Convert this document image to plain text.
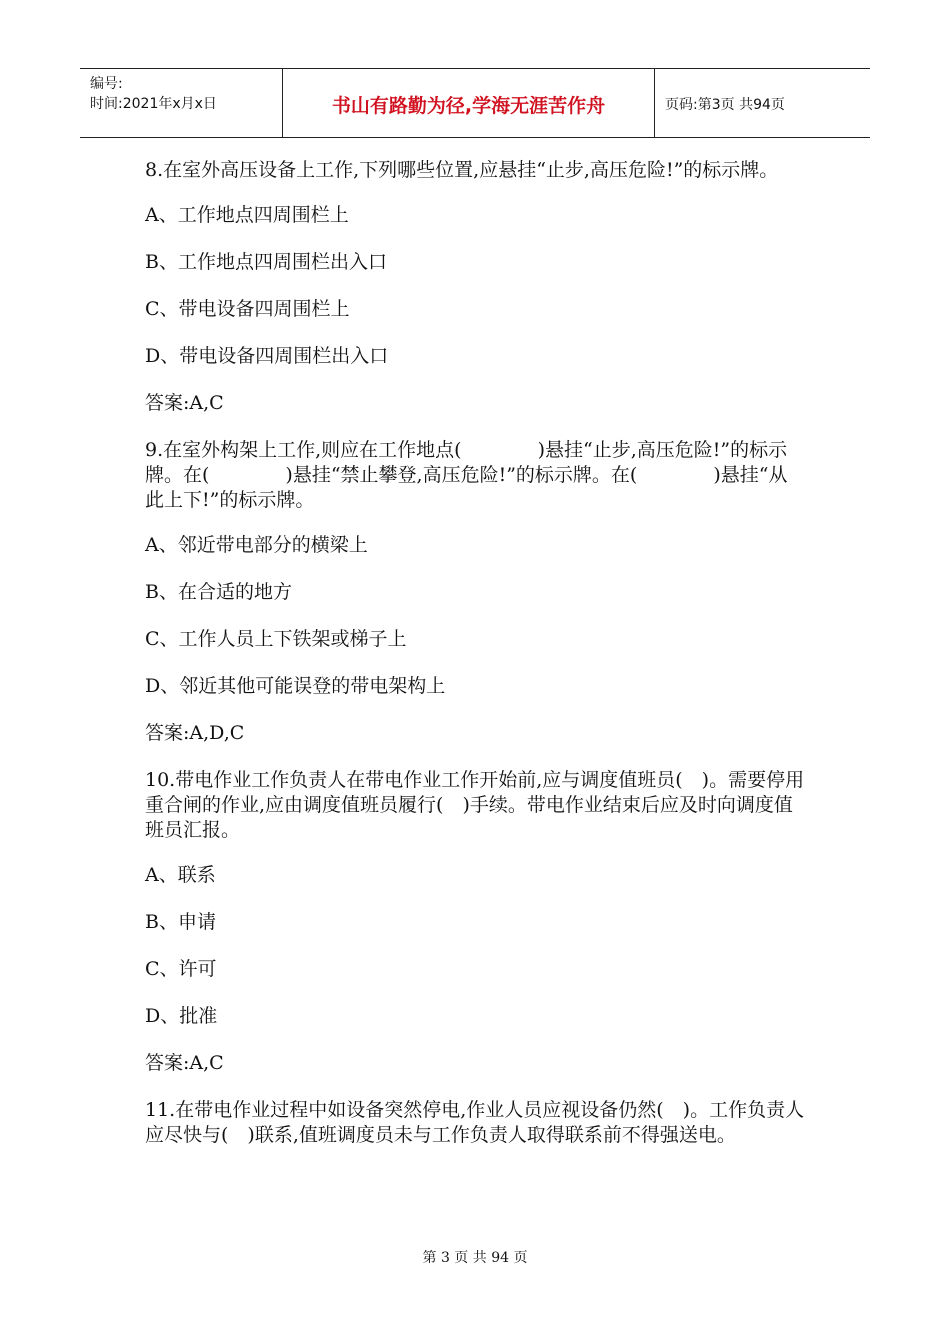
编号:
时间:2021年x月x日	书山有路勤为径,学海无涯苦作舟	页码:第3页 共94页

8.在室外高压设备上工作,下列哪些位置,应悬挂“止步,高压危险!”的标示牌。

A、工作地点四周围栏上

B、工作地点四周围栏出入口

C、带电设备四周围栏上

D、带电设备四周围栏出入口

答案:A,C

9.在室外构架上工作,则应在工作地点(　　　　)悬挂“止步,高压危险!”的标示牌。在(　　　　)悬挂“禁止攀登,高压危险!”的标示牌。在(　　　　)悬挂“从此上下!”的标示牌。

A、邻近带电部分的横梁上

B、在合适的地方

C、工作人员上下铁架或梯子上

D、邻近其他可能误登的带电架构上

答案:A,D,C

10.带电作业工作负责人在带电作业工作开始前,应与调度值班员(　)。需要停用重合闸的作业,应由调度值班员履行(　)手续。带电作业结束后应及时向调度值班员汇报。

A、联系

B、申请

C、许可

D、批准

答案:A,C

11.在带电作业过程中如设备突然停电,作业人员应视设备仍然(　)。工作负责人应尽快与(　)联系,值班调度员未与工作负责人取得联系前不得强送电。

第 3 页 共 94 页
